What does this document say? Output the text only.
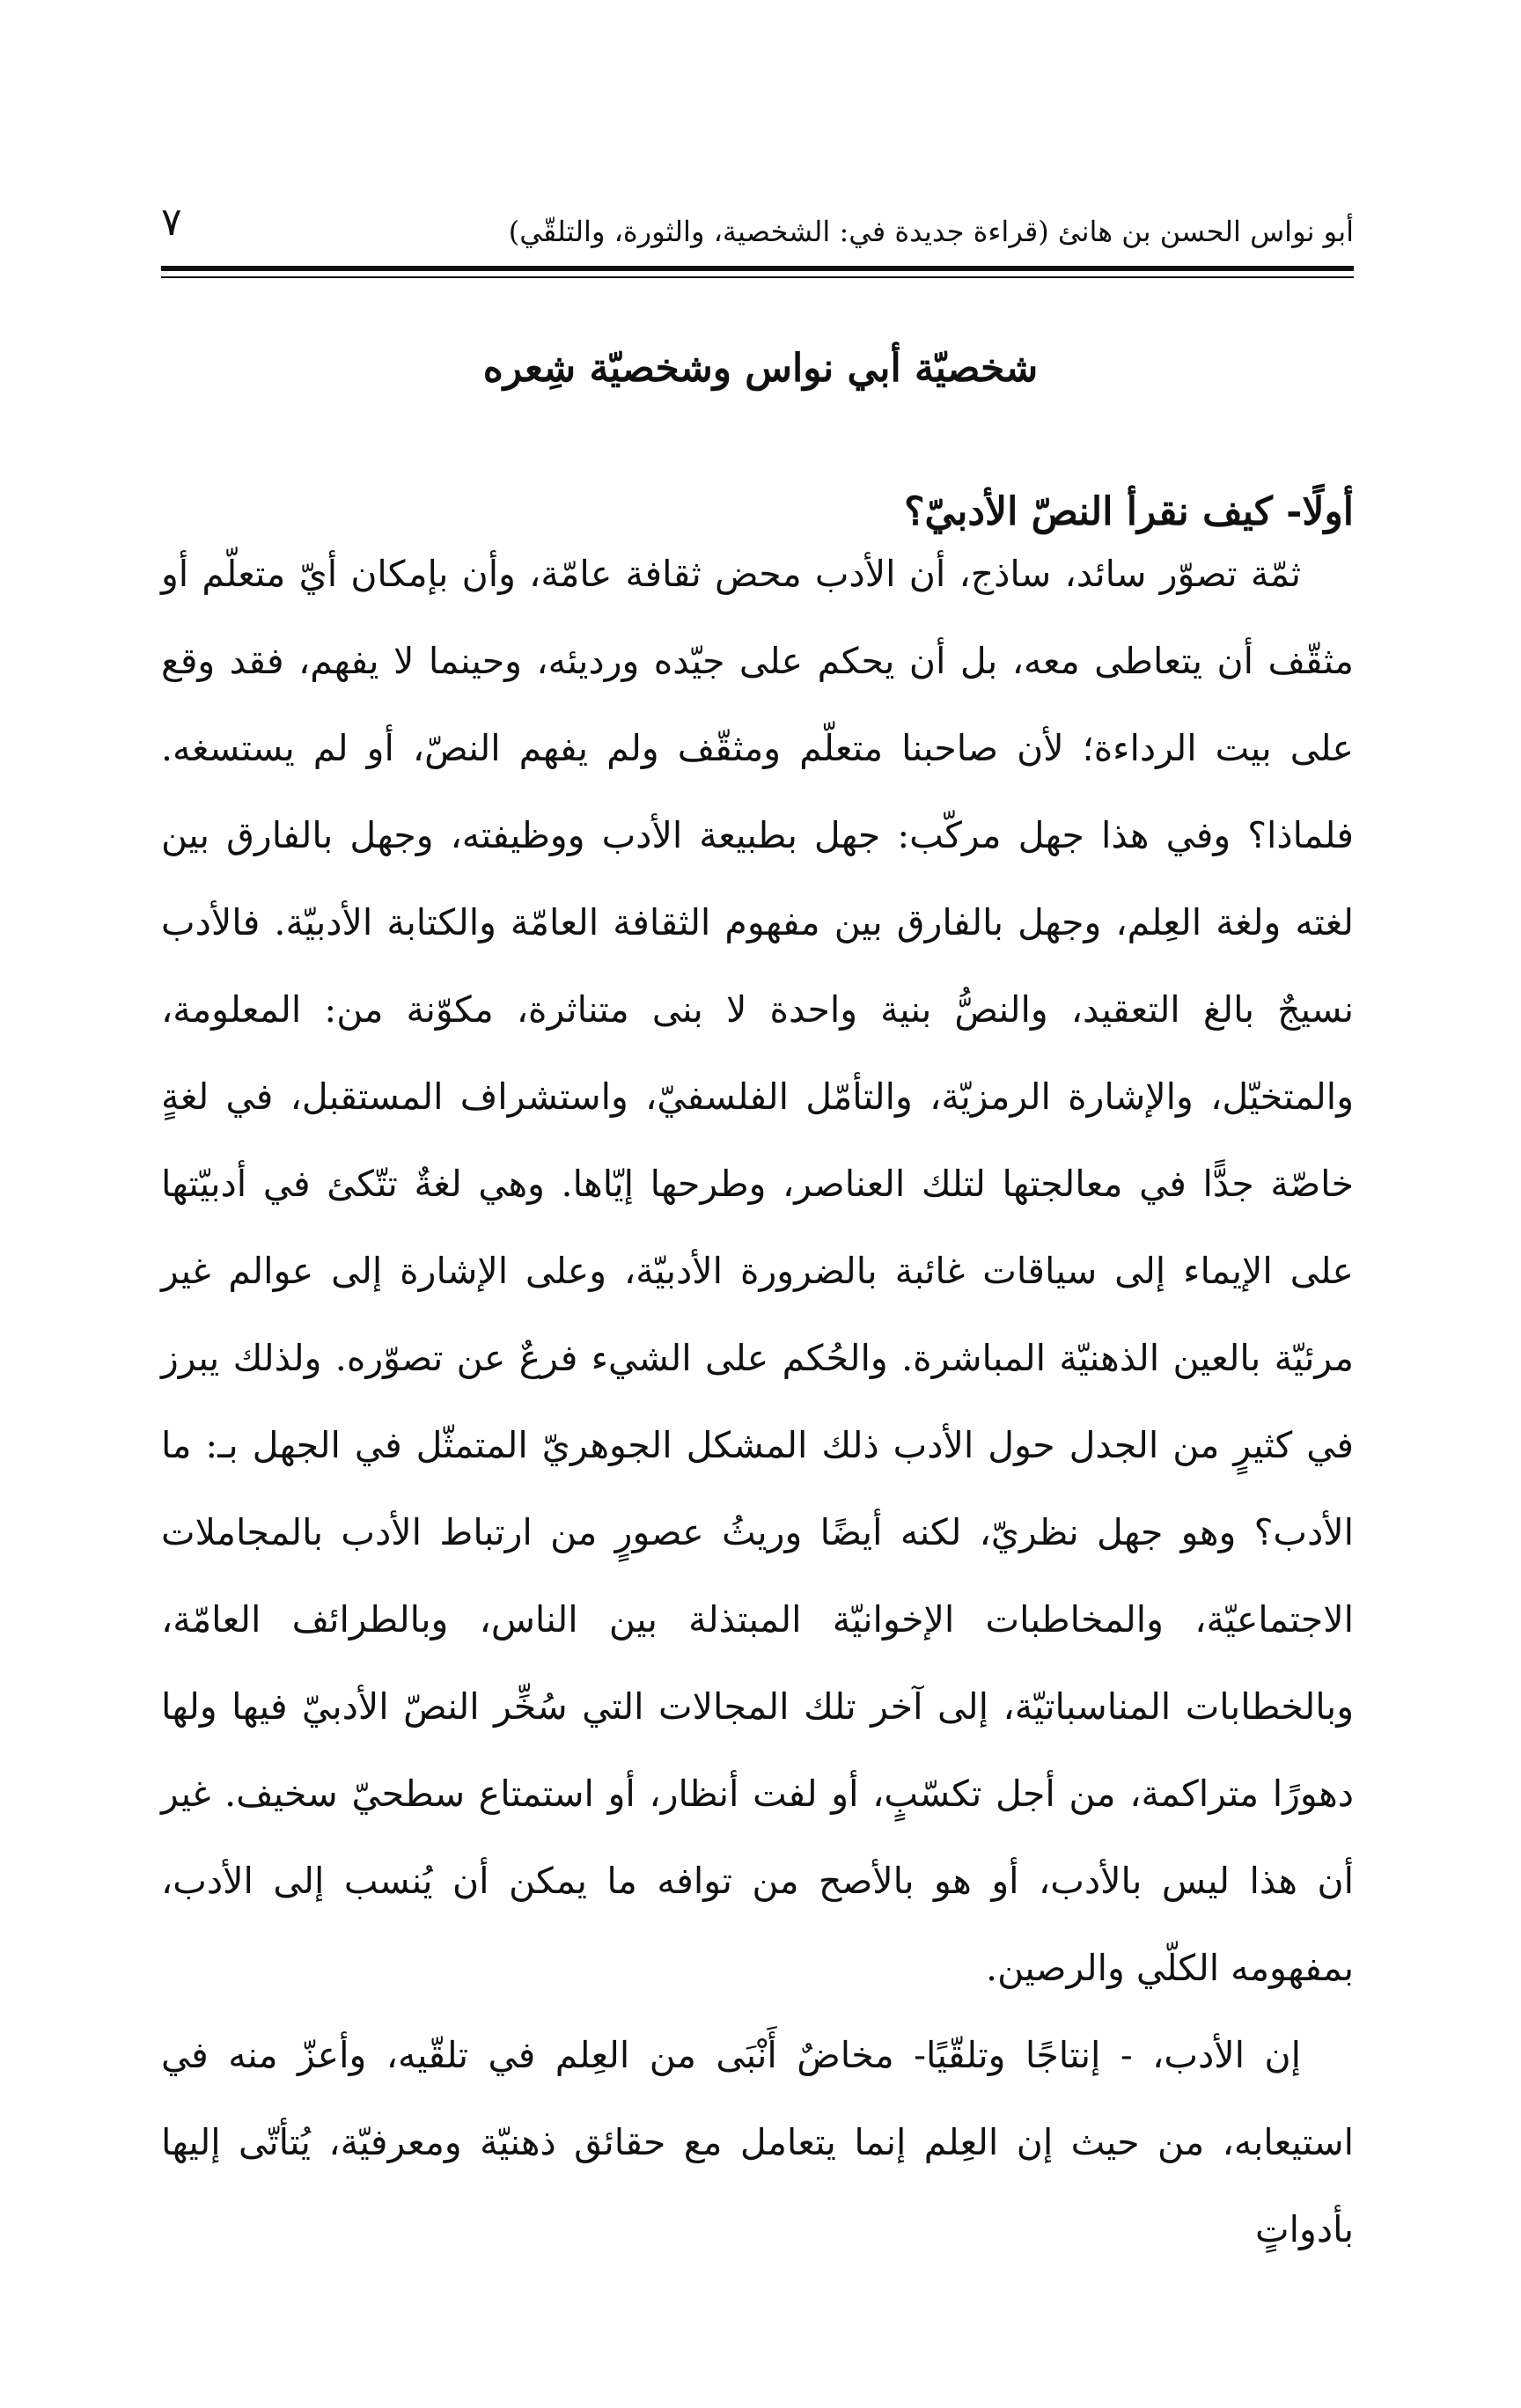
أبو نواس الحسن بن هانئ (قراءة جديدة في: الشخصية، والثورة، والتلقّي)
٧
شخصيّة أبي نواس وشخصيّة شِعره
أولًا- كيف نقرأ النصّ الأدبيّ؟

ثمّة تصوّر سائد، ساذج، أن الأدب محض ثقافة عامّة، وأن بإمكان أيّ متعلّم أو مثقّف أن يتعاطى معه، بل أن يحكم على جيّده ورديئه، وحينما لا يفهم، فقد وقع على بيت الرداءة؛ لأن صاحبنا متعلّم ومثقّف ولم يفهم النصّ، أو لم يستسغه. فلماذا؟ وفي هذا جهل مركّب: جهل بطبيعة الأدب ووظيفته، وجهل بالفارق بين لغته ولغة العِلم، وجهل بالفارق بين مفهوم الثقافة العامّة والكتابة الأدبيّة. فالأدب نسيجٌ بالغ التعقيد، والنصُّ بنية واحدة لا بنى متناثرة، مكوّنة من: المعلومة، والمتخيّل، والإشارة الرمزيّة، والتأمّل الفلسفيّ، واستشراف المستقبل، في لغةٍ خاصّة جدًّا في معالجتها لتلك العناصر، وطرحها إيّاها. وهي لغةٌ تتّكئ في أدبيّتها على الإيماء إلى سياقات غائبة بالضرورة الأدبيّة، وعلى الإشارة إلى عوالم غير مرئيّة بالعين الذهنيّة المباشرة. والحُكم على الشيء فرعٌ عن تصوّره. ولذلك يبرز في كثيرٍ من الجدل حول الأدب ذلك المشكل الجوهريّ المتمثّل في الجهل بـ: ما الأدب؟ وهو جهل نظريّ، لكنه أيضًا وريثُ عصورٍ من ارتباط الأدب بالمجاملات الاجتماعيّة، والمخاطبات الإخوانيّة المبتذلة بين الناس، وبالطرائف العامّة، وبالخطابات المناسباتيّة، إلى آخر تلك المجالات التي سُخِّر النصّ الأدبيّ فيها ولها دهورًا متراكمة، من أجل تكسّبٍ، أو لفت أنظار، أو استمتاع سطحيّ سخيف. غير أن هذا ليس بالأدب، أو هو بالأصح من توافه ما يمكن أن يُنسب إلى الأدب، بمفهومه الكلّي والرصين.

إن الأدب، - إنتاجًا وتلقّيًا- مخاضٌ أَنْبَى من العِلم في تلقّيه، وأعزّ منه في استيعابه، من حيث إن العِلم إنما يتعامل مع حقائق ذهنيّة ومعرفيّة، يُتأتّى إليها بأدواتٍ
